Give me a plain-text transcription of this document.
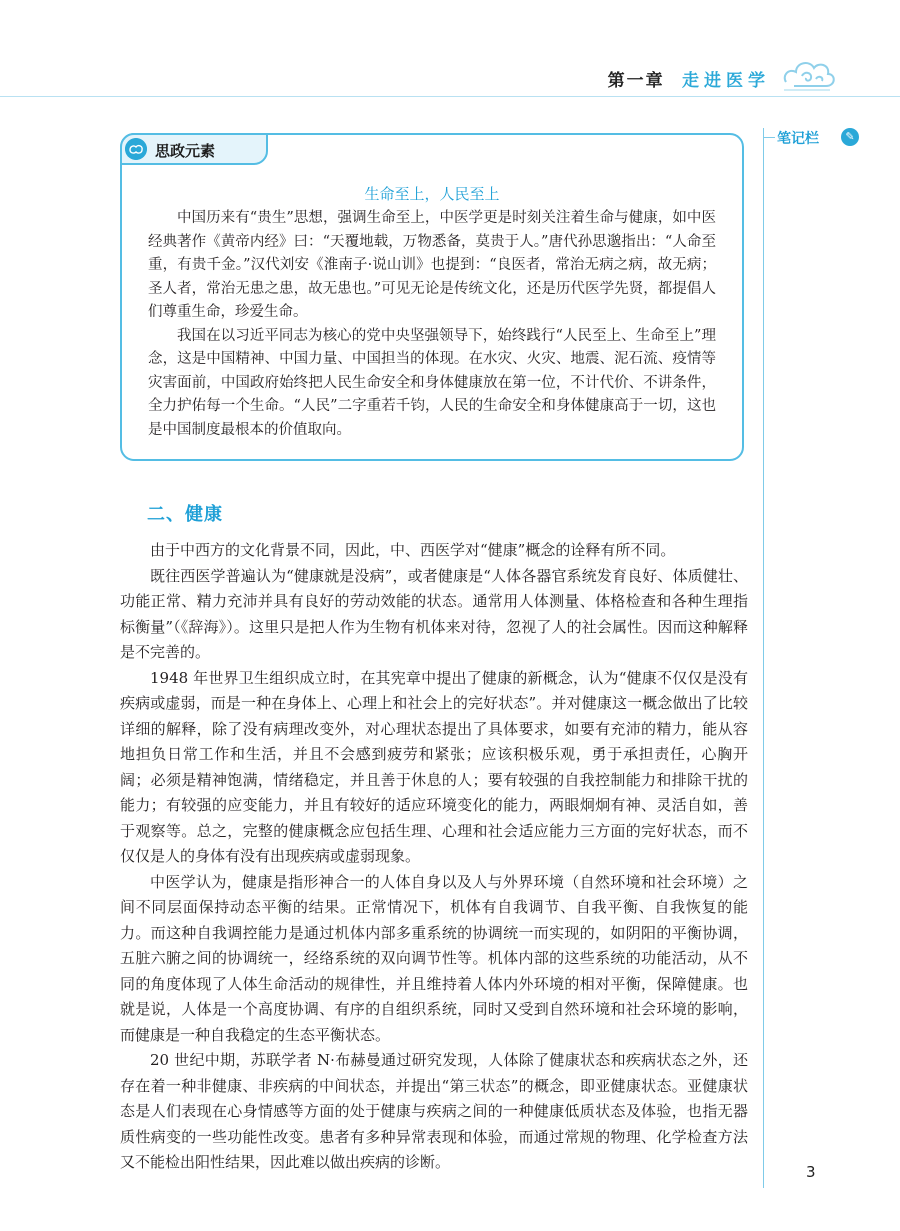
第一章 走进医学
笔记栏	✎
思政元素
生命至上，人民至上

中国历来有“贵生”思想，强调生命至上，中医学更是时刻关注着生命与健康，如中医经典著作《黄帝内经》曰：“天覆地载，万物悉备，莫贵于人。”唐代孙思邈指出：“人命至重，有贵千金。”汉代刘安《淮南子·说山训》也提到：“良医者，常治无病之病，故无病；圣人者，常治无患之患，故无患也。”可见无论是传统文化，还是历代医学先贤，都提倡人们尊重生命，珍爱生命。

我国在以习近平同志为核心的党中央坚强领导下，始终践行“人民至上、生命至上”理念，这是中国精神、中国力量、中国担当的体现。在水灾、火灾、地震、泥石流、疫情等灾害面前，中国政府始终把人民生命安全和身体健康放在第一位，不计代价、不讲条件，全力护佑每一个生命。“人民”二字重若千钧，人民的生命安全和身体健康高于一切，这也是中国制度最根本的价值取向。

二、健康

由于中西方的文化背景不同，因此，中、西医学对“健康”概念的诠释有所不同。

既往西医学普遍认为“健康就是没病”，或者健康是“人体各器官系统发育良好、体质健壮、功能正常、精力充沛并具有良好的劳动效能的状态。通常用人体测量、体格检查和各种生理指标衡量”（《辞海》）。这里只是把人作为生物有机体来对待，忽视了人的社会属性。因而这种解释是不完善的。

1948 年世界卫生组织成立时，在其宪章中提出了健康的新概念，认为“健康不仅仅是没有疾病或虚弱，而是一种在身体上、心理上和社会上的完好状态”。并对健康这一概念做出了比较详细的解释，除了没有病理改变外，对心理状态提出了具体要求，如要有充沛的精力，能从容地担负日常工作和生活，并且不会感到疲劳和紧张；应该积极乐观，勇于承担责任，心胸开阔；必须是精神饱满，情绪稳定，并且善于休息的人；要有较强的自我控制能力和排除干扰的能力；有较强的应变能力，并且有较好的适应环境变化的能力，两眼炯炯有神、灵活自如，善于观察等。总之，完整的健康概念应包括生理、心理和社会适应能力三方面的完好状态，而不仅仅是人的身体有没有出现疾病或虚弱现象。

中医学认为，健康是指形神合一的人体自身以及人与外界环境（自然环境和社会环境）之间不同层面保持动态平衡的结果。正常情况下，机体有自我调节、自我平衡、自我恢复的能力。而这种自我调控能力是通过机体内部多重系统的协调统一而实现的，如阴阳的平衡协调，五脏六腑之间的协调统一，经络系统的双向调节性等。机体内部的这些系统的功能活动，从不同的角度体现了人体生命活动的规律性，并且维持着人体内外环境的相对平衡，保障健康。也就是说，人体是一个高度协调、有序的自组织系统，同时又受到自然环境和社会环境的影响，而健康是一种自我稳定的生态平衡状态。

20 世纪中期，苏联学者 N·布赫曼通过研究发现，人体除了健康状态和疾病状态之外，还存在着一种非健康、非疾病的中间状态，并提出“第三状态”的概念，即亚健康状态。亚健康状态是人们表现在心身情感等方面的处于健康与疾病之间的一种健康低质状态及体验，也指无器质性病变的一些功能性改变。患者有多种异常表现和体验，而通过常规的物理、化学检查方法又不能检出阳性结果，因此难以做出疾病的诊断。

3
